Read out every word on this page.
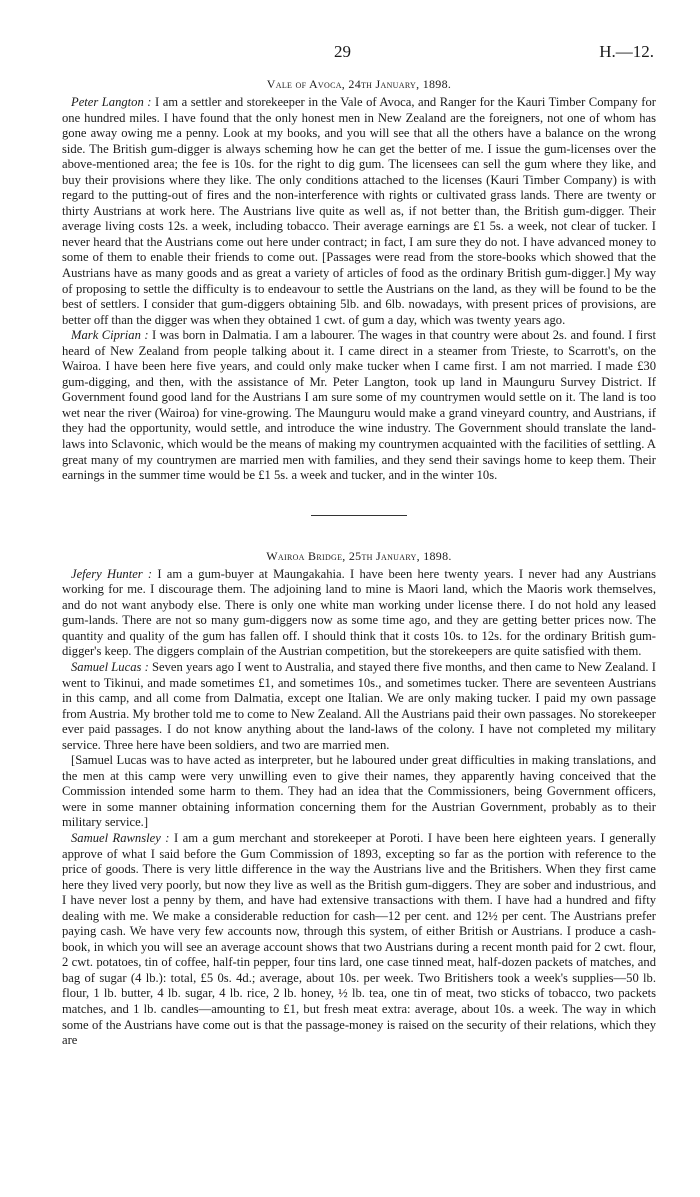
29	H.—12.
Vale of Avoca, 24th January, 1898.

Peter Langton : I am a settler and storekeeper in the Vale of Avoca, and Ranger for the Kauri Timber Company for one hundred miles. I have found that the only honest men in New Zealand are the foreigners, not one of whom has gone away owing me a penny. Look at my books, and you will see that all the others have a balance on the wrong side. The British gum-digger is always scheming how he can get the better of me. I issue the gum-licenses over the above-mentioned area; the fee is 10s. for the right to dig gum. The licensees can sell the gum where they like, and buy their provisions where they like. The only conditions attached to the licenses (Kauri Timber Company) is with regard to the putting-out of fires and the non-interference with rights or cultivated grass lands. There are twenty or thirty Austrians at work here. The Austrians live quite as well as, if not better than, the British gum-digger. Their average living costs 12s. a week, including tobacco. Their average earnings are £1 5s. a week, not clear of tucker. I never heard that the Austrians come out here under contract; in fact, I am sure they do not. I have advanced money to some of them to enable their friends to come out. [Passages were read from the store-books which showed that the Austrians have as many goods and as great a variety of articles of food as the ordinary British gum-digger.] My way of proposing to settle the difficulty is to endeavour to settle the Austrians on the land, as they will be found to be the best of settlers. I consider that gum-diggers obtaining 5lb. and 6lb. nowadays, with present prices of provisions, are better off than the digger was when they obtained 1 cwt. of gum a day, which was twenty years ago.

Mark Ciprian : I was born in Dalmatia. I am a labourer. The wages in that country were about 2s. and found. I first heard of New Zealand from people talking about it. I came direct in a steamer from Trieste, to Scarrott's, on the Wairoa. I have been here five years, and could only make tucker when I came first. I am not married. I made £30 gum-digging, and then, with the assistance of Mr. Peter Langton, took up land in Maunguru Survey District. If Government found good land for the Austrians I am sure some of my countrymen would settle on it. The land is too wet near the river (Wairoa) for vine-growing. The Maunguru would make a grand vineyard country, and Austrians, if they had the opportunity, would settle, and introduce the wine industry. The Government should translate the land-laws into Sclavonic, which would be the means of making my countrymen acquainted with the facilities of settling. A great many of my countrymen are married men with families, and they send their savings home to keep them. Their earnings in the summer time would be £1 5s. a week and tucker, and in the winter 10s.

Wairoa Bridge, 25th January, 1898.

Jefery Hunter : I am a gum-buyer at Maungakahia. I have been here twenty years. I never had any Austrians working for me. I discourage them. The adjoining land to mine is Maori land, which the Maoris work themselves, and do not want anybody else. There is only one white man working under license there. I do not hold any leased gum-lands. There are not so many gum-diggers now as some time ago, and they are getting better prices now. The quantity and quality of the gum has fallen off. I should think that it costs 10s. to 12s. for the ordinary British gum-digger's keep. The diggers complain of the Austrian competition, but the storekeepers are quite satisfied with them.

Samuel Lucas : Seven years ago I went to Australia, and stayed there five months, and then came to New Zealand. I went to Tikinui, and made sometimes £1, and sometimes 10s., and sometimes tucker. There are seventeen Austrians in this camp, and all come from Dalmatia, except one Italian. We are only making tucker. I paid my own passage from Austria. My brother told me to come to New Zealand. All the Austrians paid their own passages. No storekeeper ever paid passages. I do not know anything about the land-laws of the colony. I have not completed my military service. Three here have been soldiers, and two are married men.

[Samuel Lucas was to have acted as interpreter, but he laboured under great difficulties in making translations, and the men at this camp were very unwilling even to give their names, they apparently having conceived that the Commission intended some harm to them. They had an idea that the Commissioners, being Government officers, were in some manner obtaining information concerning them for the Austrian Government, probably as to their military service.]

Samuel Rawnsley : I am a gum merchant and storekeeper at Poroti. I have been here eighteen years. I generally approve of what I said before the Gum Commission of 1893, excepting so far as the portion with reference to the price of goods. There is very little difference in the way the Austrians live and the Britishers. When they first came here they lived very poorly, but now they live as well as the British gum-diggers. They are sober and industrious, and I have never lost a penny by them, and have had extensive transactions with them. I have had a hundred and fifty dealing with me. We make a considerable reduction for cash—12 per cent. and 12½ per cent. The Austrians prefer paying cash. We have very few accounts now, through this system, of either British or Austrians. I produce a cash-book, in which you will see an average account shows that two Austrians during a recent month paid for 2 cwt. flour, 2 cwt. potatoes, tin of coffee, half-tin pepper, four tins lard, one case tinned meat, half-dozen packets of matches, and bag of sugar (4 lb.): total, £5 0s. 4d.; average, about 10s. per week. Two Britishers took a week's supplies—50 lb. flour, 1 lb. butter, 4 lb. sugar, 4 lb. rice, 2 lb. honey, ½ lb. tea, one tin of meat, two sticks of tobacco, two packets matches, and 1 lb. candles—amounting to £1, but fresh meat extra: average, about 10s. a week. The way in which some of the Austrians have come out is that the passage-money is raised on the security of their relations, which they are
